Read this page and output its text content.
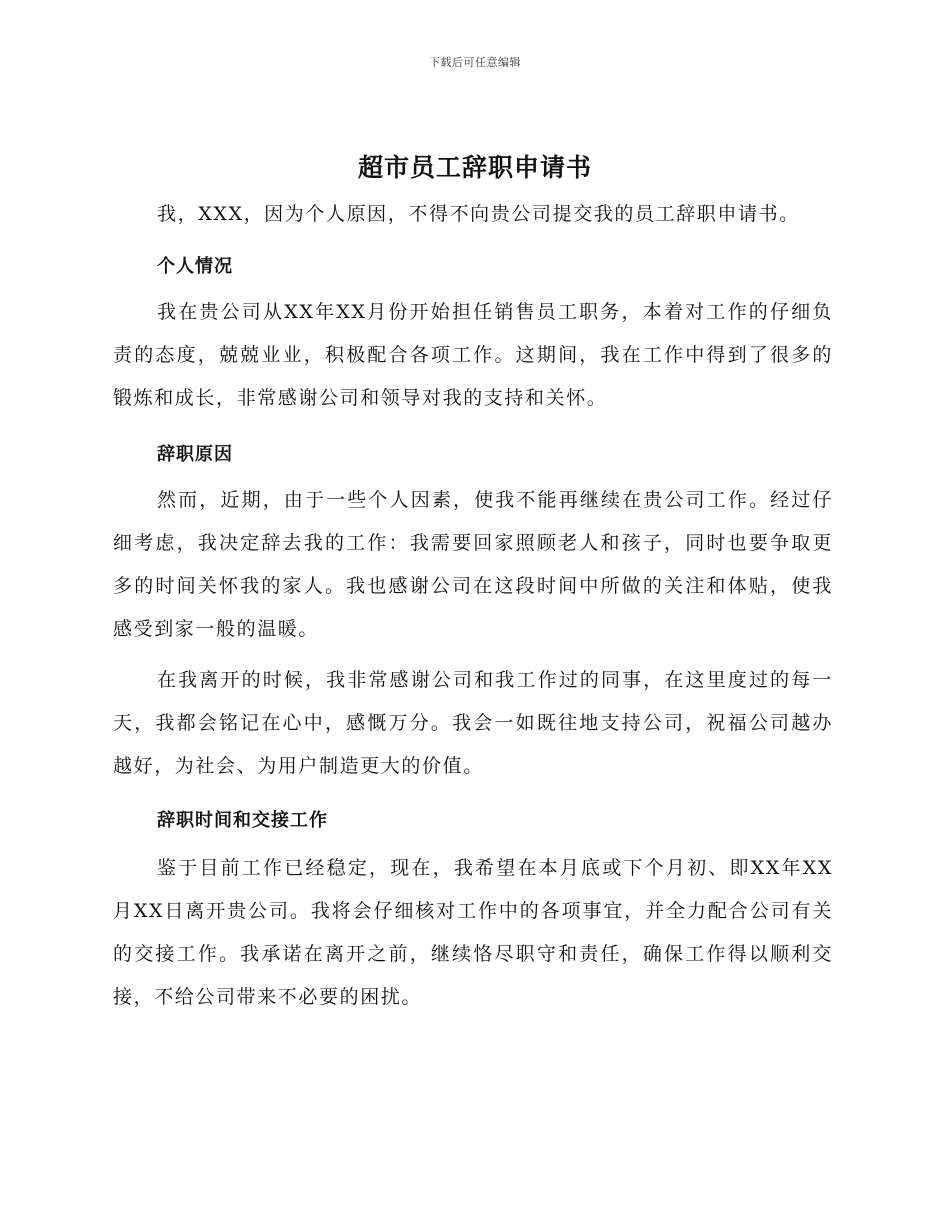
下载后可任意编辑
超市员工辞职申请书
我，XXX，因为个人原因，不得不向贵公司提交我的员工辞职申请书。
个人情况
我在贵公司从XX年XX月份开始担任销售员工职务，本着对工作的仔细负责的态度，兢兢业业，积极配合各项工作。这期间，我在工作中得到了很多的锻炼和成长，非常感谢公司和领导对我的支持和关怀。
辞职原因
然而，近期，由于一些个人因素，使我不能再继续在贵公司工作。经过仔细考虑，我决定辞去我的工作：我需要回家照顾老人和孩子，同时也要争取更多的时间关怀我的家人。我也感谢公司在这段时间中所做的关注和体贴，使我感受到家一般的温暖。
在我离开的时候，我非常感谢公司和我工作过的同事，在这里度过的每一天，我都会铭记在心中，感慨万分。我会一如既往地支持公司，祝福公司越办越好，为社会、为用户制造更大的价值。
辞职时间和交接工作
鉴于目前工作已经稳定，现在，我希望在本月底或下个月初、即XX年XX月XX日离开贵公司。我将会仔细核对工作中的各项事宜，并全力配合公司有关的交接工作。我承诺在离开之前，继续恪尽职守和责任，确保工作得以顺利交接，不给公司带来不必要的困扰。
